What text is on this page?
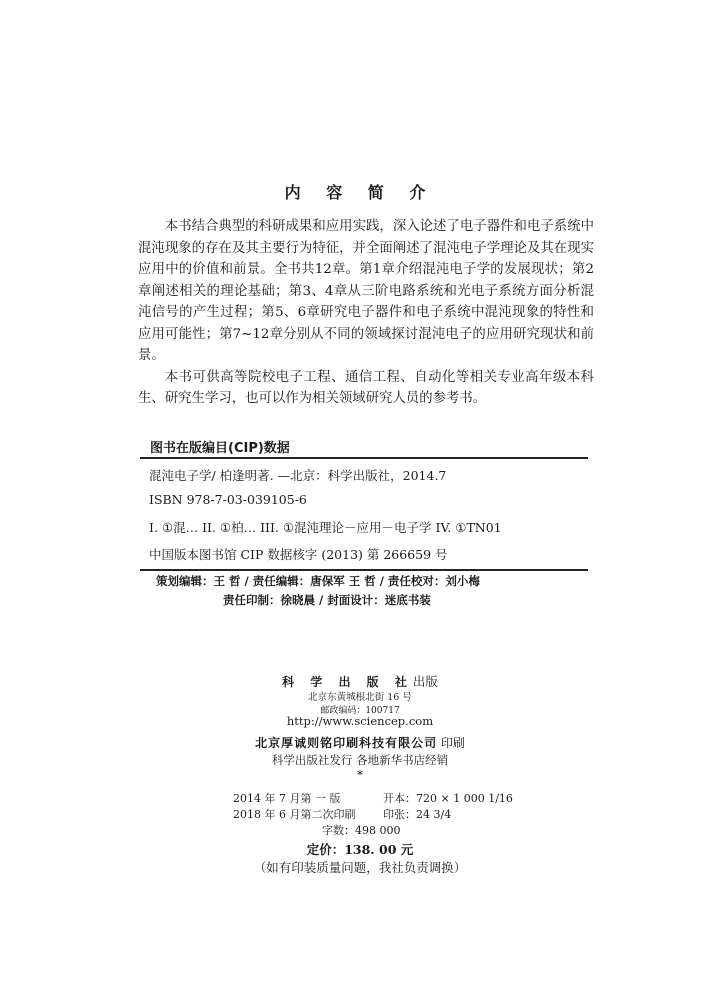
内 容 简 介

本书结合典型的科研成果和应用实践，深入论述了电子器件和电子系统中混沌现象的存在及其主要行为特征，并全面阐述了混沌电子学理论及其在现实应用中的价值和前景。全书共12章。第1章介绍混沌电子学的发展现状；第2章阐述相关的理论基础；第3、4章从三阶电路系统和光电子系统方面分析混沌信号的产生过程；第5、6章研究电子器件和电子系统中混沌现象的特性和应用可能性；第7~12章分别从不同的领域探讨混沌电子的应用研究现状和前景。

本书可供高等院校电子工程、通信工程、自动化等相关专业高年级本科生、研究生学习，也可以作为相关领域研究人员的参考书。

图书在版编目(CIP)数据
混沌电子学/ 柏逢明著. —北京：科学出版社，2014.7
ISBN 978-7-03-039105-6
I. ①混… II. ①柏… III. ①混沌理论－应用－电子学 IV. ①TN01
中国版本图书馆 CIP 数据核字 (2013) 第 266659 号
策划编辑：王 哲 / 责任编辑：唐保军 王 哲 / 责任校对：刘小梅
责任印制：徐晓晨 / 封面设计：迷底书装
科 学 出 版 社出版
北京东黄城根北街 16 号
邮政编码：100717
http://www.sciencep.com
北京厚诚则铭印刷科技有限公司 印刷
科学出版社发行 各地新华书店经销
*
2014 年 7 月第 一 版
2018 年 6 月第二次印刷
开本：720 × 1 000 1/16
印张：24 3/4
字数：498 000
定价：138. 00 元
（如有印装质量问题，我社负责调换）
